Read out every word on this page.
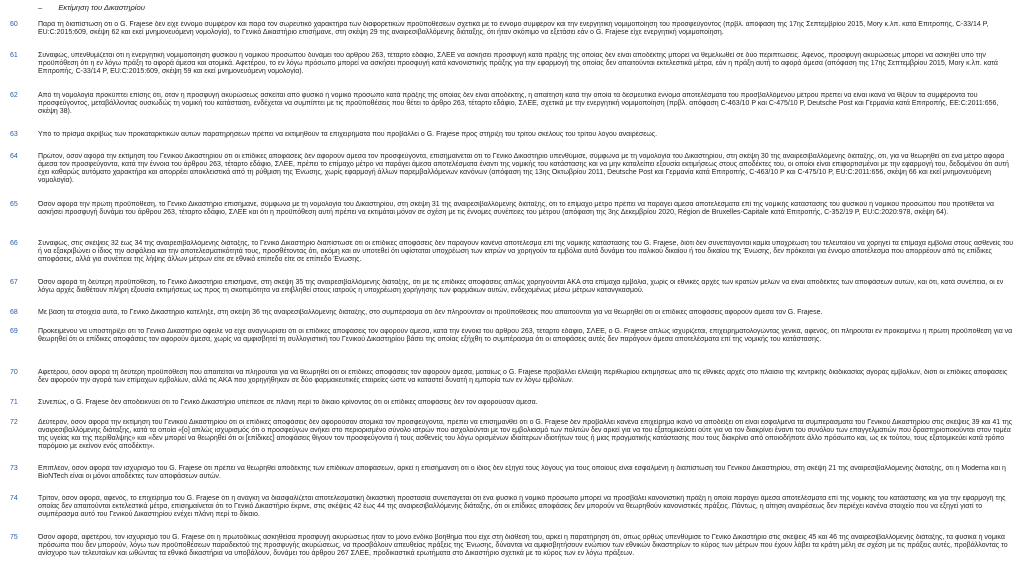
– Εκτίμηση του Δικαστηρίου
60	Παρά τη διαπίστωση ότι ο G. Frajese δεν είχε έννομο συμφέρον και παρά τον σωρευτικό χαρακτήρα των διαφορετικών προϋποθέσεων σχετικά με το έννομο συμφέρον και την ενεργητική νομιμοποίηση του προσφεύγοντος (πρβλ. απόφαση της 17ης Σεπτεμβρίου 2015, Mory κ.λπ. κατά Επιτροπής, C-33/14 P, EU:C:2015:609, σκέψη 62 και εκεί μνημονευόμενη νομολογία), το Γενικό Δικαστήριο επισήμανε, στη σκέψη 29 της αναιρεσιβαλλόμενης διάταξης, ότι ήταν σκόπιμο να εξετάσει εάν ο G. Frajese είχε ενεργητική νομιμοποίηση.
61	Συναφώς, υπενθυμίζεται ότι η ενεργητική νομιμοποίηση φυσικού ή νομικού προσώπου δυνάμει του άρθρου 263, τέταρτο εδάφιο, ΣΛΕΕ να ασκήσει προσφυγή κατά πράξης της οποίας δεν είναι αποδέκτης μπορεί να θεμελιωθεί σε δύο περιπτώσεις. Αφενός, προσφυγή ακυρώσεως μπορεί να ασκηθεί υπό την προϋπόθεση ότι η εν λόγω πράξη το αφορά άμεσα και ατομικά. Αφετέρου, το εν λόγω πρόσωπο μπορεί να ασκήσει προσφυγή κατά κανονιστικής πράξης για την εφαρμογή της οποίας δεν απαιτούνται εκτελεστικά μέτρα, εάν η πράξη αυτή το αφορά άμεσα (απόφαση της 17ης Σεπτεμβρίου 2015, Mory κ.λπ. κατά Επιτροπής, C-33/14 P, EU:C:2015:609, σκέψη 59 και εκεί μνημονευόμενη νομολογία).
62	Από τη νομολογία προκύπτει επίσης ότι, όταν η προσφυγή ακυρώσεως ασκείται από φυσικό ή νομικό πρόσωπο κατά πράξης της οποίας δεν είναι αποδέκτης, η απαίτηση κατά την οποία τα δεσμευτικά έννομα αποτελέσματα του προσβαλλόμενου μέτρου πρέπει να είναι ικανά να θίξουν τα συμφέροντα του προσφεύγοντος, μεταβάλλοντας ουσιωδώς τη νομική του κατάσταση, ενδέχεται να συμπίπτει με τις προϋποθέσεις που θέτει το άρθρο 263, τέταρτο εδάφιο, ΣΛΕΕ, σχετικά με την ενεργητική νομιμοποίηση (πρβλ. απόφαση C-463/10 P και C-475/10 P, Deutsche Post και Γερμανία κατά Επιτροπής, EE:C:2011:656, σκέψη 38).
63	Υπό το πρίσμα ακριβώς των προκαταρκτικών αυτών παρατηρήσεων πρέπει να εκτιμηθούν τα επιχειρήματα που προβάλλει ο G. Frajese προς στήριξη του τρίτου σκέλους του τρίτου λόγου αναιρέσεως.
64	Πρώτον, όσον αφορά την εκτίμηση του Γενικού Δικαστηρίου ότι οι επίδικες αποφάσεις δεν αφορούν άμεσα τον προσφεύγοντα, επισημαίνεται ότι το Γενικό Δικαστήριο υπενθύμισε, σύμφωνα με τη νομολογία του Δικαστηρίου, στη σκέψη 30 της αναιρεσιβαλλόμενης διάταξης, ότι, για να θεωρηθεί ότι ένα μέτρο αφορά άμεσα τον προσφεύγοντα, κατά την έννοια του άρθρου 263, τέταρτο εδάφιο, ΣΛΕΕ, πρέπει το επίμαχο μέτρο να παράγει άμεσα αποτελέσματα έναντι της νομικής του κατάστασης και να μην καταλείπει εξουσία εκτιμήσεως στους αποδέκτες του, οι οποίοι είναι επιφορτισμένοι με την εφαρμογή του, δεδομένου ότι αυτή έχει καθαρώς αυτόματο χαρακτήρα και απορρέει αποκλειστικά από τη ρύθμιση της Ένωσης, χωρίς εφαρμογή άλλων παρεμβαλλόμενων κανόνων (απόφαση της 13ης Οκτωβρίου 2011, Deutsche Post και Γερμανία κατά Επιτροπής, C-463/10 P και C-475/10 P, EU:C:2011:656, σκέψη 66 και εκεί μνημονευόμενη νομολογία).
65	Όσον αφορά την πρώτη προϋπόθεση, το Γενικό Δικαστήριο επισήμανε, σύμφωνα με τη νομολογία του Δικαστηρίου, στη σκέψη 31 της αναιρεσιβαλλόμενης διάταξης, ότι το επίμαχο μέτρο πρέπει να παράγει άμεσα αποτελέσματα επί της νομικής κατάστασης του φυσικού ή νομικού προσώπου που προτίθεται να ασκήσει προσφυγή δυνάμει του άρθρου 263, τέταρτο εδάφιο, ΣΛΕΕ και ότι η προϋπόθεση αυτή πρέπει να εκτιμάται μόνον σε σχέση με τις έννομες συνέπειες του μέτρου (απόφαση της 3ης Δεκεμβρίου 2020, Région de Bruxelles-Capitale κατά Επιτροπής, C-352/19 P, EU:C:2020:978, σκέψη 64).
66	Συναφώς, στις σκέψεις 32 έως 34 της αναιρεσιβαλλόμενης διάταξης, το Γενικό Δικαστήριο διαπίστωσε ότι οι επίδικες αποφάσεις δεν παράγουν κανένα αποτέλεσμα επί της νομικής κατάστασης του G. Frajese, διότι δεν συνεπάγονται καμία υποχρέωση του τελευταίου να χορηγεί τα επίμαχα εμβόλια στους ασθενείς του ή να εξακριβώνει ο ίδιος την ασφάλεια και την αποτελεσματικότητά τους, προσθέτοντας ότι, ακόμη και αν υποτεθεί ότι υφίσταται υποχρέωση των ιατρών να χορηγούν τα εμβόλια αυτά δυνάμει του ιταλικού δικαίου ή του δικαίου της Ένωσης, δεν πρόκειται για έννομο αποτέλεσμα που απορρέουν από τις επίδικες αποφάσεις, αλλά για συνέπεια της λήψης άλλων μέτρων είτε σε εθνικό επίπεδο είτε σε επίπεδο Ένωσης.
67	Όσον αφορά τη δεύτερη προϋπόθεση, το Γενικό Δικαστήριο επισήμανε, στη σκέψη 35 της αναιρεσιβαλλόμενης διάταξης, ότι με τις επίδικες αποφάσεις απλώς χορηγούνται ΑΚΑ στα επίμαχα εμβόλια, χωρίς οι εθνικές αρχές των κρατών μελών να είναι αποδέκτες των αποφάσεων αυτών, και ότι, κατά συνέπεια, οι εν λόγω αρχές διαθέτουν πλήρη εξουσία εκτιμήσεως ως προς τη σκοπιμότητα να επιβληθεί στους ιατρούς η υποχρέωση χορήγησης των φαρμάκων αυτών, ενδεχομένως μέσω μέτρων κατανγκασμού.
68	Με βάση τα στοιχεία αυτά, το Γενικό Δικαστήριο κατέληξε, στη σκέψη 36 της αναιρεσιβαλλόμενης διάταξης, στο συμπέρασμα ότι δεν πληρούνταν οι προϋποθέσεις που απαιτούνται για να θεωρηθεί ότι οι επίδικες αποφάσεις αφορούν άμεσα τον G. Frajese.
69	Προκειμένου να υποστηρίξει ότι το Γενικό Δικαστήριο όφειλε να είχε αναγνωρίσει ότι οι επίδικες αποφάσεις τον αφορούν άμεσα, κατά την έννοια του άρθρου 263, τέταρτο εδάφιο, ΣΛΕΕ, ο G. Frajese απλώς ισχυρίζεται, επιχειρηματολογώντας γενικά, αφενός, ότι πληρούται εν προκειμένω η πρώτη προϋπόθεση για να θεωρηθεί ότι οι επίδικες αποφάσεις τον αφορούν άμεσα, χωρίς να αμφισβητεί τη συλλογιστική του Γενικού Δικαστηρίου βάσει της οποίας εξήχθη το συμπέρασμα ότι οι αποφάσεις αυτές δεν παράγουν άμεσα αποτελέσματα επί της νομικής του κατάστασης.
70	Αφετέρου, όσον αφορά τη δεύτερη προϋπόθεση που απαιτείται να πληρούται για να θεωρηθεί ότι οι επίδικες αποφάσεις τον αφορούν άμεσα, ματαίως ο G. Frajese προβάλλει έλλειψη περιθωρίου εκτιμήσεως από τις εθνικές αρχές στο πλαίσιο της κεντρικής διαδικασίας αγοράς εμβολίων, διότι οι επίδικες αποφάσεις δεν αφορούν την αγορά των επίμαχων εμβολίων, αλλά τις ΑΚΑ που χορηγήθηκαν σε δύο φαρμακευτικές εταιρείες ώστε να καταστεί δυνατή η εμπορία των εν λόγω εμβολίων.
71	Συνεπώς, ο G. Frajese δεν αποδεικνύει ότι το Γενικό Δικαστήριο υπέπεσε σε πλάνη περί το δίκαιο κρίνοντας ότι οι επίδικες αποφάσεις δεν τον αφορούσαν άμεσα.
72	Δεύτερον, όσον αφορά την εκτίμηση του Γενικού Δικαστηρίου ότι οι επίδικες αποφάσεις δεν αφορούσαν ατομικά τον προσφεύγοντα, πρέπει να επισημανθεί ότι ο G. Frajese δεν προβάλλει κανένα επιχείρημα ικανό να αποδείξει ότι είναι εσφαλμένα τα συμπεράσματα του Γενικού Δικαστηρίου στις σκέψεις 39 και 41 της αναιρεσιβαλλόμενης διάταξης, κατά τα οποία «[ο] απλώς ισχυρισμός ότι ο προσφεύγων ανήκει στο περιορισμένο σύνολο ιατρών που ασχολούνται με τον εμβολιασμό των πολιτών δεν αρκεί για να του εξατομικεύσει ούτε για να τον διακρίνει έναντι του συνόλου των επαγγελματιών που δραστηριοποιούνται στον τομέα της υγείας και της περίθαλψης» και «δεν μπορεί να θεωρηθεί ότι οι [επίδικες] αποφάσεις θίγουν τον προσφεύγοντα ή τους ασθενείς του λόγω ορισμένων ιδιαίτερων ιδιοτήτων τους ή μιας πραγματικής κατάστασης που τους διακρίνει από οποιοδήποτε άλλο πρόσωπο και, ως εκ τούτου, τους εξατομικεύει κατά τρόπο παρόμοιο με εκείνον ενός αποδέκτη».
73	Επιπλέον, όσον αφορά τον ισχυρισμό του G. Frajese ότι πρέπει να θεωρηθεί αποδέκτης των επίδικων αποφάσεων, αρκεί η επισήμανση ότι ο ίδιος δεν εξηγεί τους λόγους για τους οποίους είναι εσφαλμένη η διαπίστωση του Γενικού Δικαστηρίου, στη σκέψη 21 της αναιρεσιβαλλόμενης διάταξης, ότι η Moderna και η BioNTech είναι οι μόνοι αποδέκτες των αποφάσεων αυτών.
74	Τρίτον, όσον αφορά, αφενός, το επιχείρημα του G. Frajese ότι η ανάγκη να διασφαλίζεται αποτελεσματική δικαστική προστασία συνεπάγεται ότι ένα φυσικό ή νομικό πρόσωπο μπορεί να προσβάλει κανονιστική πράξη η οποία παράγει άμεσα αποτελέσματα επί της νομικής του κατάστασης και για την εφαρμογή της οποίας δεν απαιτούνται εκτελεστικά μέτρα, επισημαίνεται ότι το Γενικό Δικαστήριο έκρινε, στις σκέψεις 42 έως 44 της αναιρεσιβαλλόμενης διάταξης, ότι οι επίδικες αποφάσεις δεν μπορούν να θεωρηθούν κανονιστικές πράξεις. Πάντως, η αίτηση αναιρέσεως δεν περιέχει κανένα στοιχείο που να εξηγεί γιατί το συμπέρασμα αυτό του Γενικού Δικαστηρίου ενέχει πλάνη περί το δίκαιο.
75	Όσον αφορά, αφετέρου, τον ισχυρισμό του G. Frajese ότι η πρωτοδίκως ασκηθείσα προσφυγή ακυρώσεως ήταν το μόνο ένδικο βοήθημα που είχε στη διάθεσή του, αρκεί η παρατήρηση ότι, όπως ορθώς υπενθύμισε το Γενικό Δικαστήριο στις σκέψεις 45 και 46 της αναιρεσιβαλλόμενης διάταξης, τα φυσικά ή νομικά πρόσωπα που δεν μπορούν, λόγω των προϋποθέσεων παραδεκτού της προσφυγής ακυρώσεως, να προσβάλουν απευθείας πράξεις της Ένωσης, δύνανται να αμφισβητήσουν ενώπιον των εθνικών δικαστηρίων το κύρος των μέτρων που έχουν λάβει τα κράτη μέλη σε σχέση με τις πράξεις αυτές, προβάλλοντας το ανίσχυρο των τελευταίων και ωθώντας τα εθνικά δικαστήρια να υποβάλουν, δυνάμει του άρθρου 267 ΣΛΕΕ, προδικαστικά ερωτήματα στο Δικαστήριο σχετικά με το κύρος των εν λόγω πράξεων.
